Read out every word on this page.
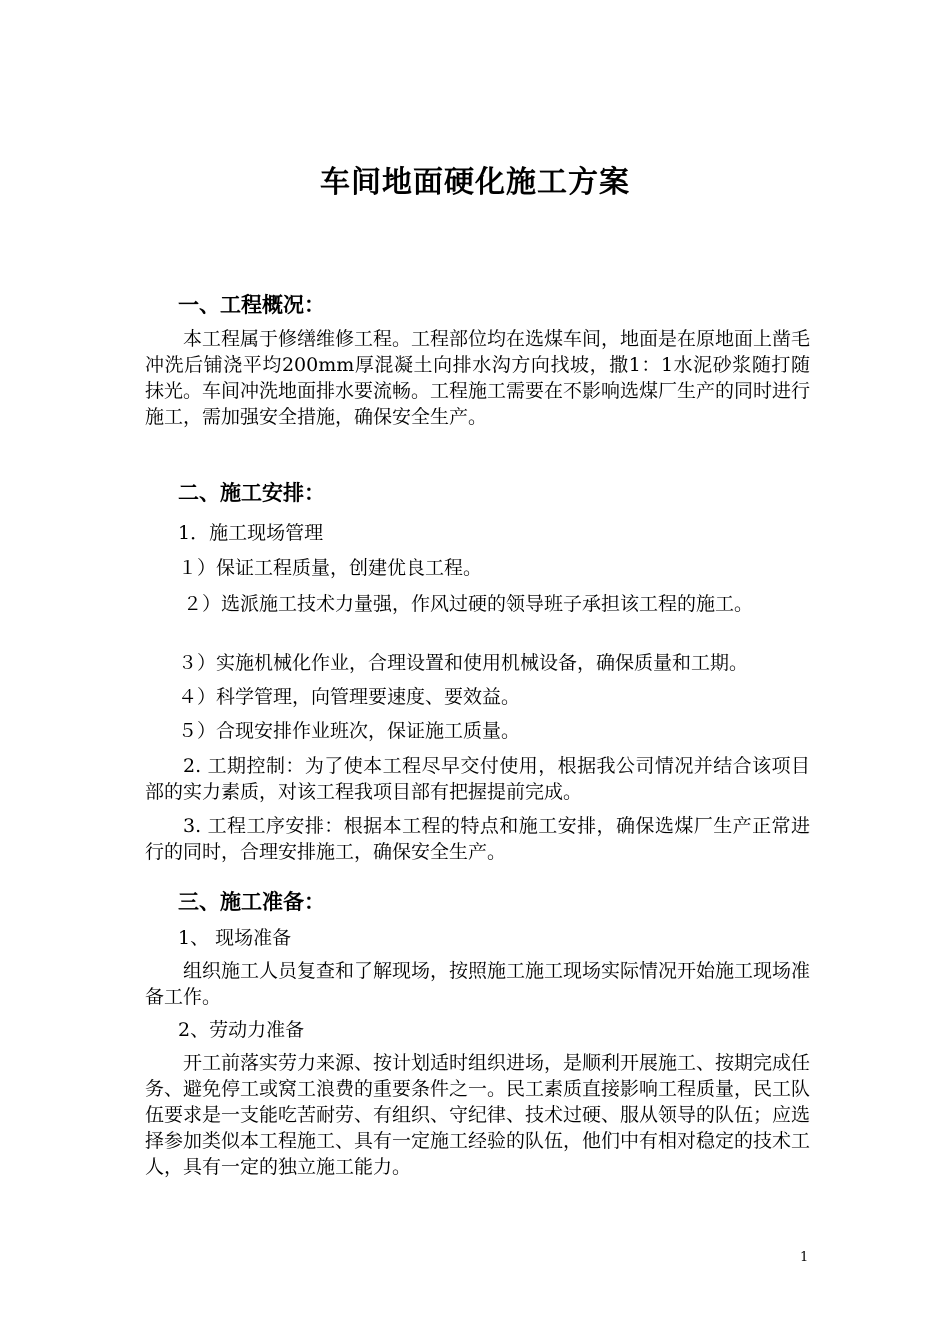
车间地面硬化施工方案
一、工程概况：
本工程属于修缮维修工程。工程部位均在选煤车间，地面是在原地面上凿毛冲洗后铺浇平均200mm厚混凝土向排水沟方向找坡，撒1：1水泥砂浆随打随抹光。车间冲洗地面排水要流畅。工程施工需要在不影响选煤厂生产的同时进行施工，需加强安全措施，确保安全生产。
二、施工安排：
1．施工现场管理
１）保证工程质量，创建优良工程。
２）选派施工技术力量强，作风过硬的领导班子承担该工程的施工。
３）实施机械化作业，合理设置和使用机械设备，确保质量和工期。
４）科学管理，向管理要速度、要效益。
５）合现安排作业班次，保证施工质量。
2. 工期控制：为了使本工程尽早交付使用，根据我公司情况并结合该项目部的实力素质，对该工程我项目部有把握提前完成。
3. 工程工序安排：根据本工程的特点和施工安排，确保选煤厂生产正常进行的同时，合理安排施工，确保安全生产。
三、施工准备：
1、 现场准备
组织施工人员复查和了解现场，按照施工施工现场实际情况开始施工现场准备工作。
2、劳动力准备
开工前落实劳力来源、按计划适时组织进场，是顺利开展施工、按期完成任务、避免停工或窝工浪费的重要条件之一。民工素质直接影响工程质量，民工队伍要求是一支能吃苦耐劳、有组织、守纪律、技术过硬、服从领导的队伍；应选择参加类似本工程施工、具有一定施工经验的队伍，他们中有相对稳定的技术工人，具有一定的独立施工能力。
1
